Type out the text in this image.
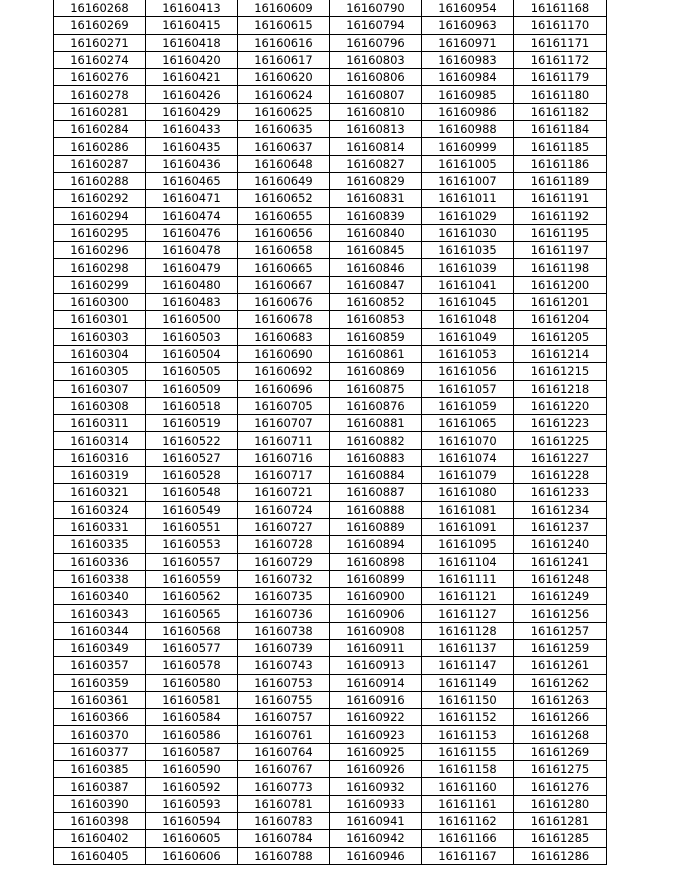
16160268	16160413	16160609	16160790	16160954	16161168
16160269	16160415	16160615	16160794	16160963	16161170
16160271	16160418	16160616	16160796	16160971	16161171
16160274	16160420	16160617	16160803	16160983	16161172
16160276	16160421	16160620	16160806	16160984	16161179
16160278	16160426	16160624	16160807	16160985	16161180
16160281	16160429	16160625	16160810	16160986	16161182
16160284	16160433	16160635	16160813	16160988	16161184
16160286	16160435	16160637	16160814	16160999	16161185
16160287	16160436	16160648	16160827	16161005	16161186
16160288	16160465	16160649	16160829	16161007	16161189
16160292	16160471	16160652	16160831	16161011	16161191
16160294	16160474	16160655	16160839	16161029	16161192
16160295	16160476	16160656	16160840	16161030	16161195
16160296	16160478	16160658	16160845	16161035	16161197
16160298	16160479	16160665	16160846	16161039	16161198
16160299	16160480	16160667	16160847	16161041	16161200
16160300	16160483	16160676	16160852	16161045	16161201
16160301	16160500	16160678	16160853	16161048	16161204
16160303	16160503	16160683	16160859	16161049	16161205
16160304	16160504	16160690	16160861	16161053	16161214
16160305	16160505	16160692	16160869	16161056	16161215
16160307	16160509	16160696	16160875	16161057	16161218
16160308	16160518	16160705	16160876	16161059	16161220
16160311	16160519	16160707	16160881	16161065	16161223
16160314	16160522	16160711	16160882	16161070	16161225
16160316	16160527	16160716	16160883	16161074	16161227
16160319	16160528	16160717	16160884	16161079	16161228
16160321	16160548	16160721	16160887	16161080	16161233
16160324	16160549	16160724	16160888	16161081	16161234
16160331	16160551	16160727	16160889	16161091	16161237
16160335	16160553	16160728	16160894	16161095	16161240
16160336	16160557	16160729	16160898	16161104	16161241
16160338	16160559	16160732	16160899	16161111	16161248
16160340	16160562	16160735	16160900	16161121	16161249
16160343	16160565	16160736	16160906	16161127	16161256
16160344	16160568	16160738	16160908	16161128	16161257
16160349	16160577	16160739	16160911	16161137	16161259
16160357	16160578	16160743	16160913	16161147	16161261
16160359	16160580	16160753	16160914	16161149	16161262
16160361	16160581	16160755	16160916	16161150	16161263
16160366	16160584	16160757	16160922	16161152	16161266
16160370	16160586	16160761	16160923	16161153	16161268
16160377	16160587	16160764	16160925	16161155	16161269
16160385	16160590	16160767	16160926	16161158	16161275
16160387	16160592	16160773	16160932	16161160	16161276
16160390	16160593	16160781	16160933	16161161	16161280
16160398	16160594	16160783	16160941	16161162	16161281
16160402	16160605	16160784	16160942	16161166	16161285
16160405	16160606	16160788	16160946	16161167	16161286
